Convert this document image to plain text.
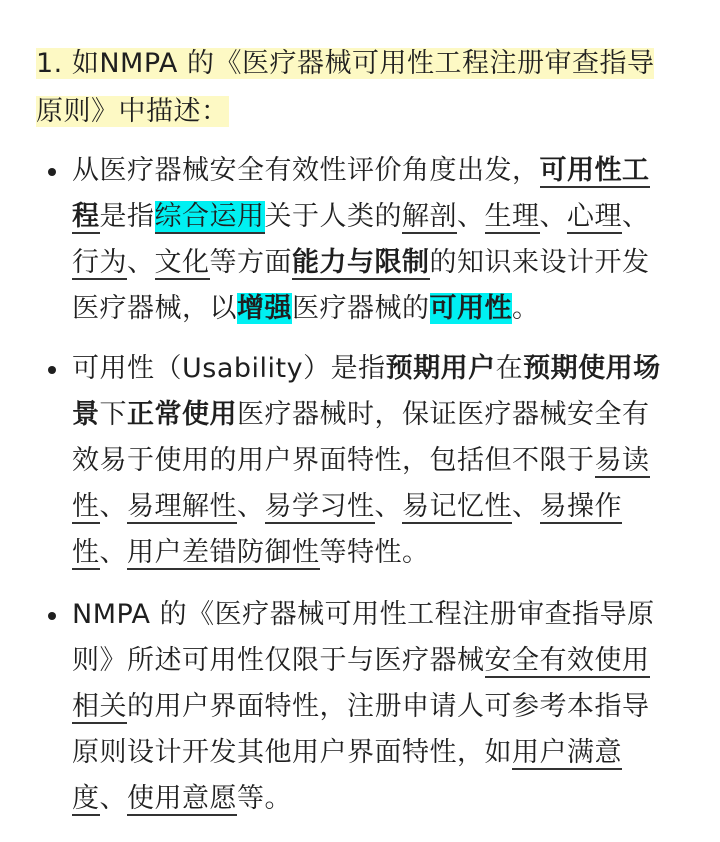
1. 如NMPA 的《医疗器械可用性工程注册审查指导原则》中描述：

从医疗器械安全有效性评价角度出发，可用性工程是指综合运用关于人类的解剖、生理、心理、行为、文化等方面能力与限制的知识来设计开发医疗器械，以增强医疗器械的可用性。
可用性（Usability）是指预期用户在预期使用场景下正常使用医疗器械时，保证医疗器械安全有效易于使用的用户界面特性，包括但不限于易读性、易理解性、易学习性、易记忆性、易操作性、用户差错防御性等特性。
NMPA 的《医疗器械可用性工程注册审查指导原则》所述可用性仅限于与医疗器械安全有效使用相关的用户界面特性，注册申请人可参考本指导原则设计开发其他用户界面特性，如用户满意度、使用意愿等。
